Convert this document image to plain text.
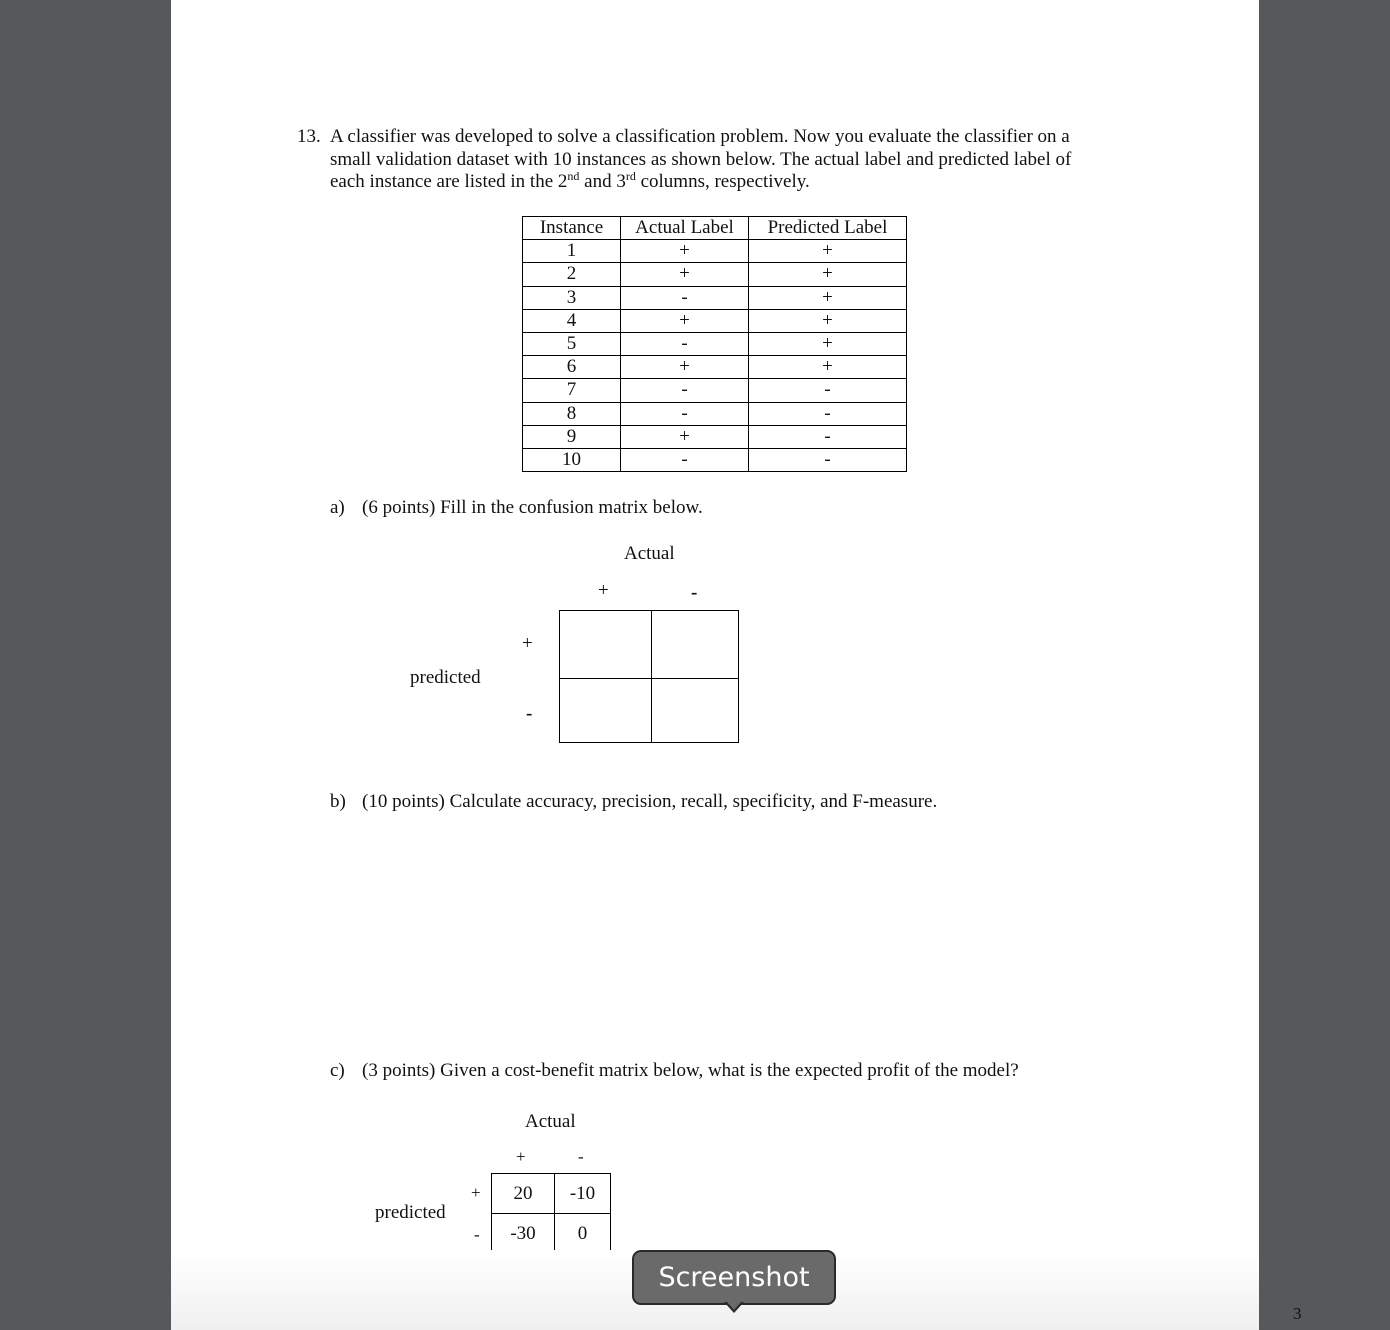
13. A classifier was developed to solve a classification problem. Now you evaluate the classifier on a
small validation dataset with 10 instances as shown below. The actual label and predicted label of
each instance are listed in the 2nd and 3rd columns, respectively.
Instance	Actual Label	Predicted Label
1	+	+
2	+	+
3	-	+
4	+	+
5	-	+
6	+	+
7	-	-
8	-	-
9	+	-
10	-	-
a) (6 points) Fill in the confusion matrix below.
Actual
+	-
+
-
predicted
b) (10 points) Calculate accuracy, precision, recall, specificity, and F-measure.
c) (3 points) Given a cost-benefit matrix below, what is the expected profit of the model?
Actual
+	-
+
-
predicted
20	-10
-30	0
3
Screenshot
